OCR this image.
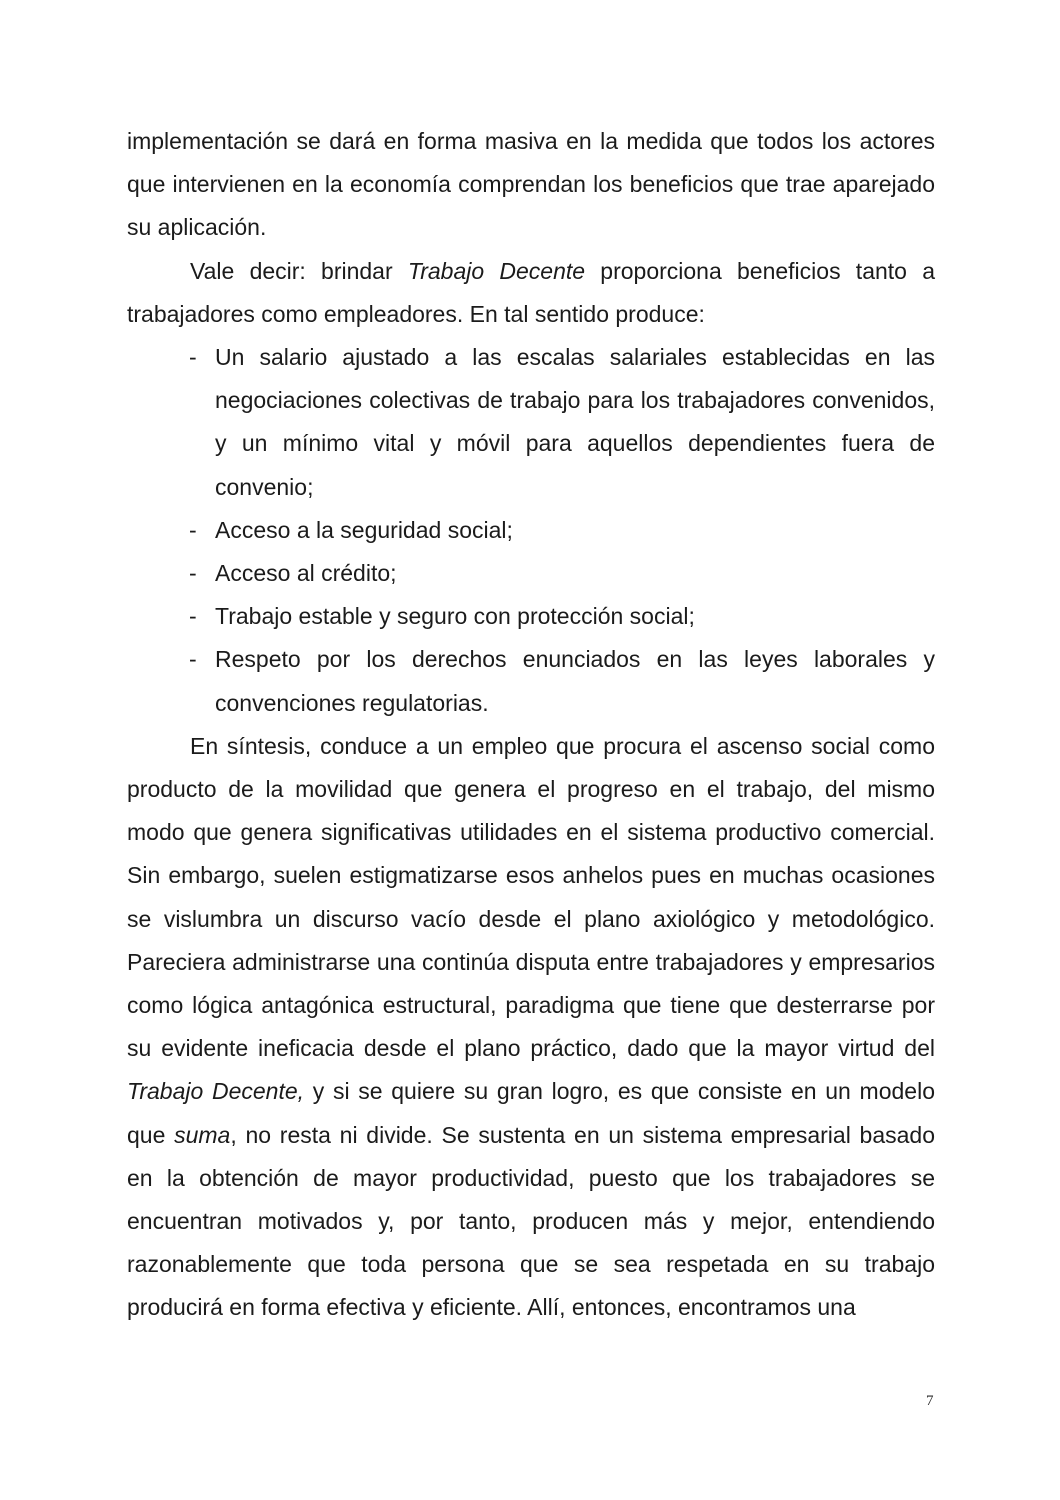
implementación se dará en forma masiva en la medida que todos los actores que intervienen en la economía comprendan los beneficios que trae aparejado su aplicación.

Vale decir: brindar Trabajo Decente proporciona beneficios tanto a trabajadores como empleadores. En tal sentido produce:

- Un salario ajustado a las escalas salariales establecidas en las negociaciones colectivas de trabajo para los trabajadores convenidos, y un mínimo vital y móvil para aquellos dependientes fuera de convenio;
- Acceso a la seguridad social;
- Acceso al crédito;
- Trabajo estable y seguro con protección social;
- Respeto por los derechos enunciados en las leyes laborales y convenciones regulatorias.

En síntesis, conduce a un empleo que procura el ascenso social como producto de la movilidad que genera el progreso en el trabajo, del mismo modo que genera significativas utilidades en el sistema productivo comercial. Sin embargo, suelen estigmatizarse esos anhelos pues en muchas ocasiones se vislumbra un discurso vacío desde el plano axiológico y metodológico. Pareciera administrarse una continúa disputa entre trabajadores y empresarios como lógica antagónica estructural, paradigma que tiene que desterrarse por su evidente ineficacia desde el plano práctico, dado que la mayor virtud del Trabajo Decente, y si se quiere su gran logro, es que consiste en un modelo que suma, no resta ni divide. Se sustenta en un sistema empresarial basado en la obtención de mayor productividad, puesto que los trabajadores se encuentran motivados y, por tanto, producen más y mejor, entendiendo razonablemente que toda persona que se sea respetada en su trabajo producirá en forma efectiva y eficiente. Allí, entonces, encontramos una

7
